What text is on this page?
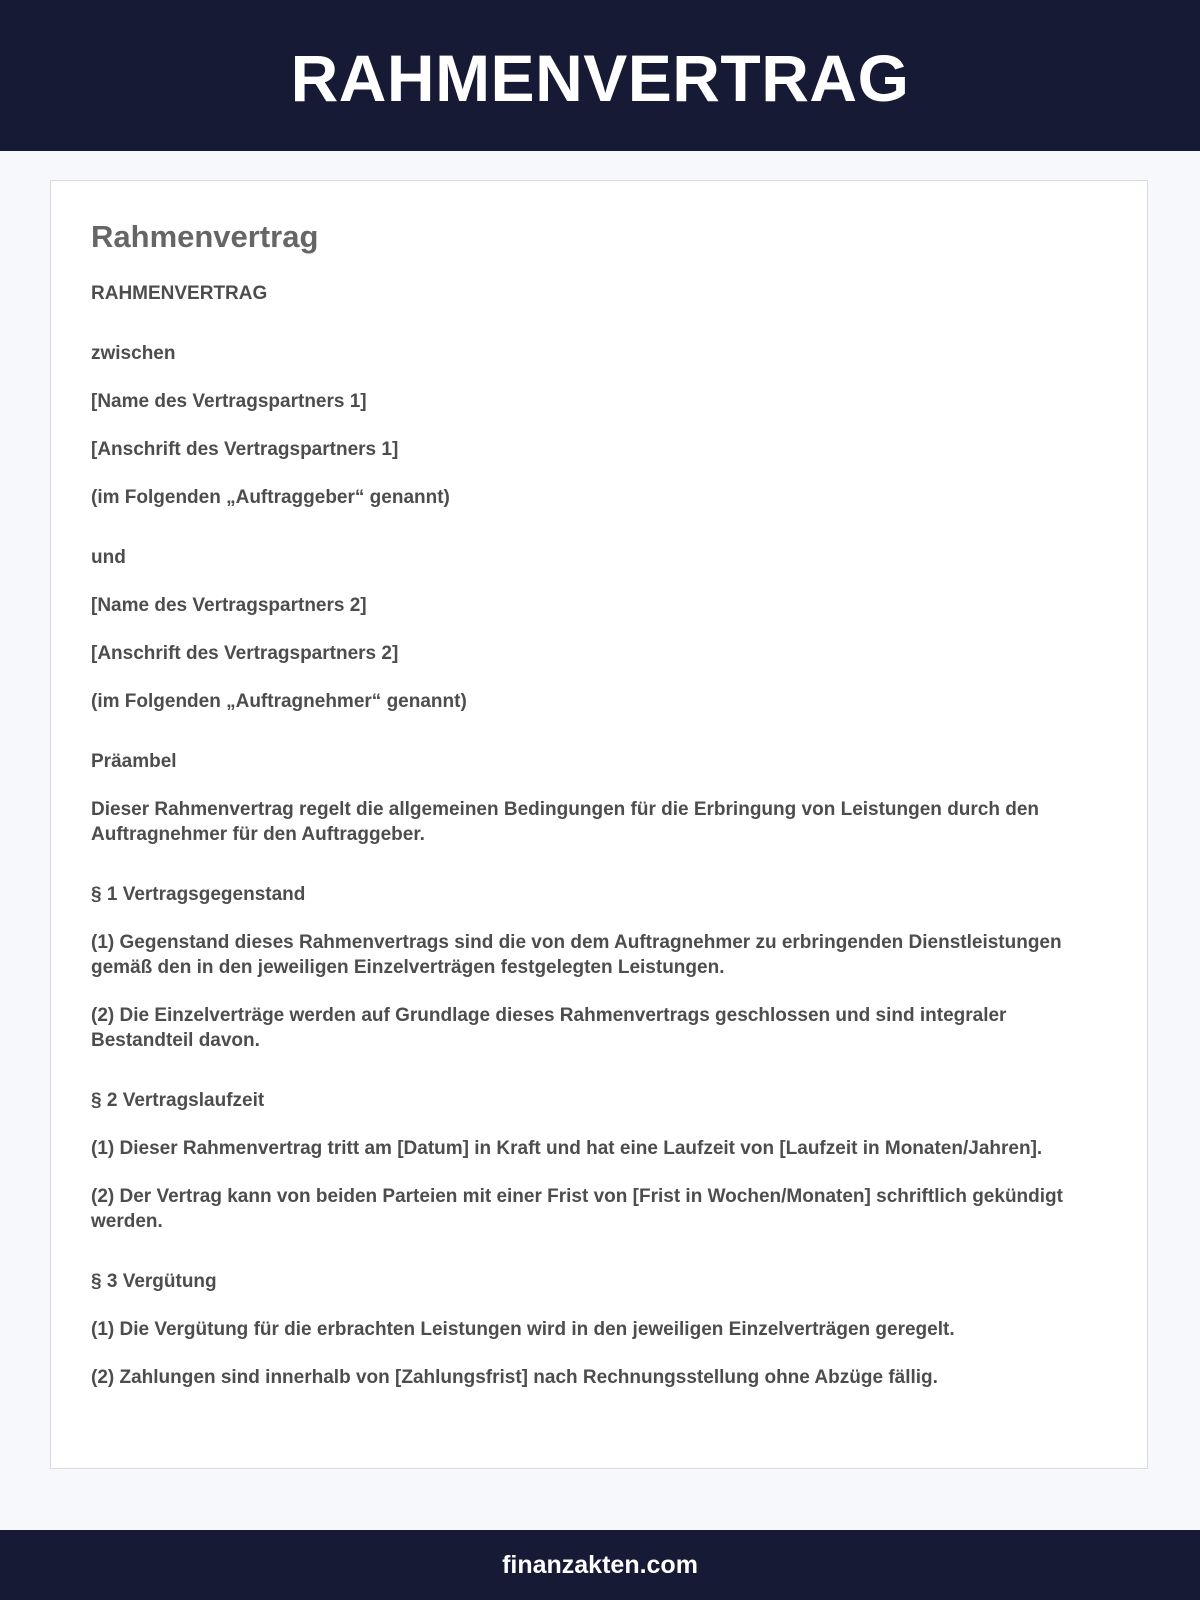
RAHMENVERTRAG
Rahmenvertrag

RAHMENVERTRAG

zwischen

[Name des Vertragspartners 1]

[Anschrift des Vertragspartners 1]

(im Folgenden „Auftraggeber“ genannt)

und

[Name des Vertragspartners 2]

[Anschrift des Vertragspartners 2]

(im Folgenden „Auftragnehmer“ genannt)

Präambel

Dieser Rahmenvertrag regelt die allgemeinen Bedingungen für die Erbringung von Leistungen durch den Auftragnehmer für den Auftraggeber.

§ 1 Vertragsgegenstand

(1) Gegenstand dieses Rahmenvertrags sind die von dem Auftragnehmer zu erbringenden Dienstleistungen gemäß den in den jeweiligen Einzelverträgen festgelegten Leistungen.

(2) Die Einzelverträge werden auf Grundlage dieses Rahmenvertrags geschlossen und sind integraler Bestandteil davon.

§ 2 Vertragslaufzeit

(1) Dieser Rahmenvertrag tritt am [Datum] in Kraft und hat eine Laufzeit von [Laufzeit in Monaten/Jahren].

(2) Der Vertrag kann von beiden Parteien mit einer Frist von [Frist in Wochen/Monaten] schriftlich gekündigt werden.

§ 3 Vergütung

(1) Die Vergütung für die erbrachten Leistungen wird in den jeweiligen Einzelverträgen geregelt.

(2) Zahlungen sind innerhalb von [Zahlungsfrist] nach Rechnungsstellung ohne Abzüge fällig.

finanzakten.com
